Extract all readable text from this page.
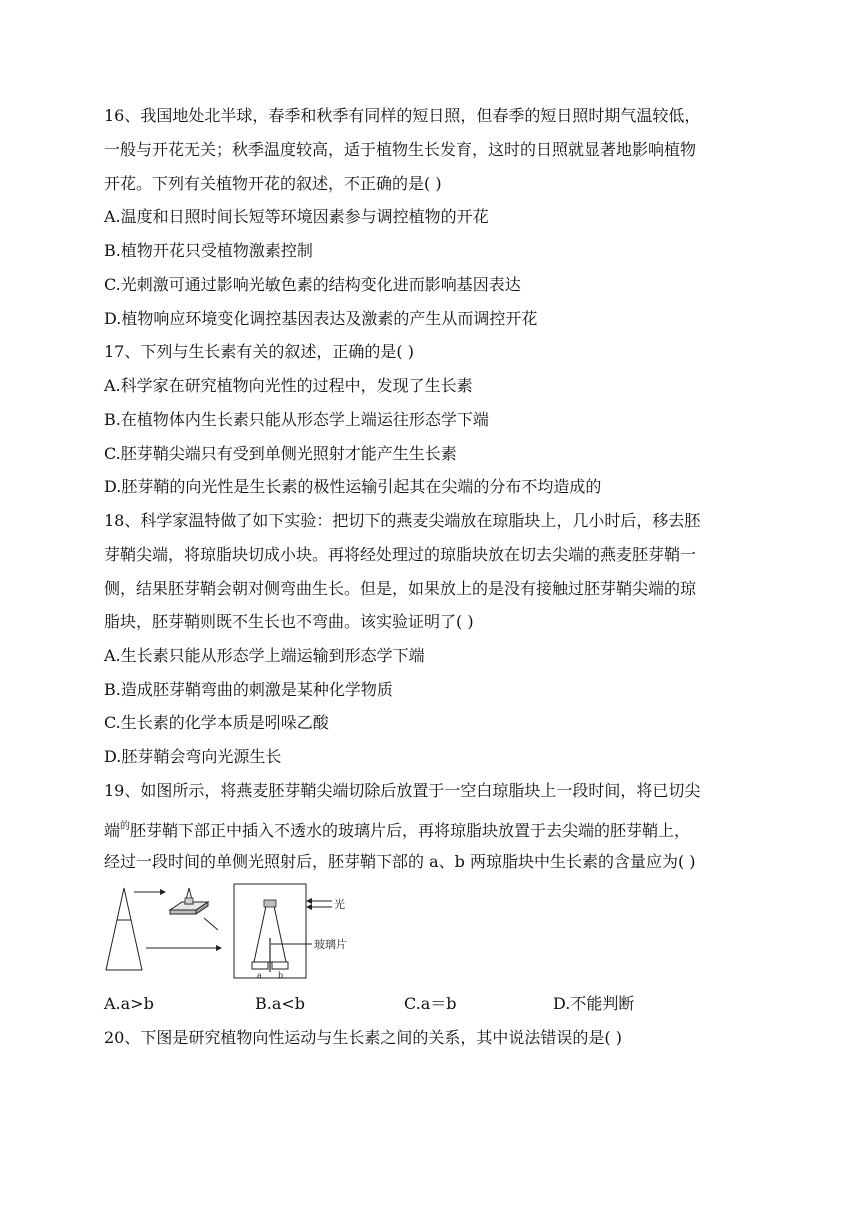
16、我国地处北半球，春季和秋季有同样的短日照，但春季的短日照时期气温较低，
一般与开花无关；秋季温度较高，适于植物生长发育，这时的日照就显著地影响植物
开花。下列有关植物开花的叙述，不正确的是( )
A.温度和日照时间长短等环境因素参与调控植物的开花
B.植物开花只受植物激素控制
C.光刺激可通过影响光敏色素的结构变化进而影响基因表达
D.植物响应环境变化调控基因表达及激素的产生从而调控开花
17、下列与生长素有关的叙述，正确的是( )
A.科学家在研究植物向光性的过程中，发现了生长素
B.在植物体内生长素只能从形态学上端运往形态学下端
C.胚芽鞘尖端只有受到单侧光照射才能产生生长素
D.胚芽鞘的向光性是生长素的极性运输引起其在尖端的分布不均造成的
18、科学家温特做了如下实验：把切下的燕麦尖端放在琼脂块上，几小时后，移去胚
芽鞘尖端，将琼脂块切成小块。再将经处理过的琼脂块放在切去尖端的燕麦胚芽鞘一
侧，结果胚芽鞘会朝对侧弯曲生长。但是，如果放上的是没有接触过胚芽鞘尖端的琼
脂块，胚芽鞘则既不生长也不弯曲。该实验证明了( )
A.生长素只能从形态学上端运输到形态学下端
B.造成胚芽鞘弯曲的刺激是某种化学物质
C.生长素的化学本质是吲哚乙酸
D.胚芽鞘会弯向光源生长
19、如图所示，将燕麦胚芽鞘尖端切除后放置于一空白琼脂块上一段时间，将已切尖
端$^的$胚芽鞘下部正中插入不透水的玻璃片后，再将琼脂块放置于去尖端的胚芽鞘上，
经过一段时间的单侧光照射后，胚芽鞘下部的 a、b 两琼脂块中生长素的含量应为( )
a b
光
玻璃片
A.a>b	B.a<b	C.a＝b	D.不能判断
20、下图是研究植物向性运动与生长素之间的关系，其中说法错误的是( )
